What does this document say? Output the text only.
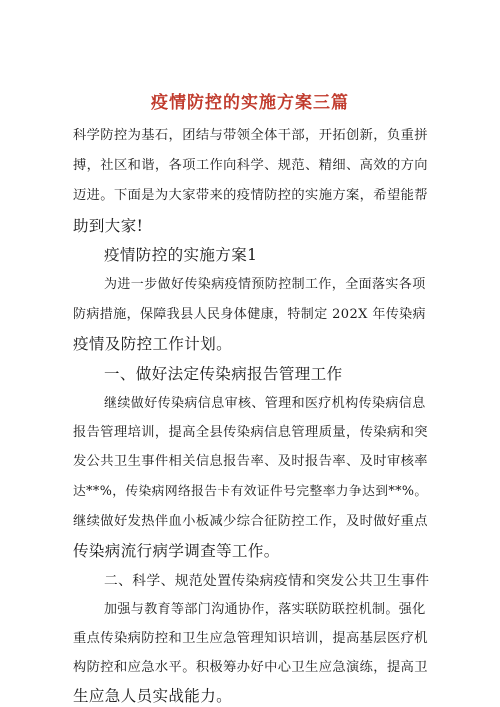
疫情防控的实施方案三篇
科学防控为基石，团结与带领全体干部，开拓创新，负重拼
搏，社区和谐，各项工作向科学、规范、精细、高效的方向
迈进。下面是为大家带来的疫情防控的实施方案，希望能帮
助到大家!
疫情防控的实施方案1
为进一步做好传染病疫情预防控制工作，全面落实各项
防病措施，保障我县人民身体健康，特制定 202X 年传染病
疫情及防控工作计划。
一、做好法定传染病报告管理工作
继续做好传染病信息审核、管理和医疗机构传染病信息
报告管理培训，提高全县传染病信息管理质量，传染病和突
发公共卫生事件相关信息报告率、及时报告率、及时审核率
达**%，传染病网络报告卡有效证件号完整率力争达到**%。
继续做好发热伴血小板减少综合征防控工作，及时做好重点
传染病流行病学调查等工作。
二、科学、规范处置传染病疫情和突发公共卫生事件
加强与教育等部门沟通协作，落实联防联控机制。强化
重点传染病防控和卫生应急管理知识培训，提高基层医疗机
构防控和应急水平。积极筹办好中心卫生应急演练，提高卫
生应急人员实战能力。
